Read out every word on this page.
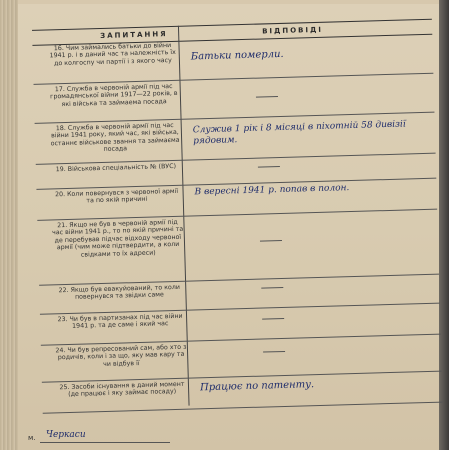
ЗАПИТАННЯ	ВІДПОВІДІ
16. Чим займались батьки до війни 1941 р. і в даний час та належність їх до колгоспу чи партії і з якого часу	Батьки померли.
17. Служба в червоній армії під час громадянської війни 1917—22 років, в які війська та займаема посада
18. Служба в червоній армії під час війни 1941 року, який час, які війська, останнє військове звання та займаєма посада
Служив 1 рік і 8 місяці в піхотній 58 дивізії рядовим.
19. Військова спеціальність № (ВУС)
20. Коли повернувся з червоної армії та по якій причині
В вересні 1941 р. попав в полон.
21. Якщо не був в червоній армії під час війни 1941 р., то по якій причині та де перебував підчас відходу червоної армії (чим може підтвердити, а коли свідками то їх адреси)
22. Якщо був евакуйований, то коли повернувся та звідки саме
23. Чи був в партизанах під час війни 1941 р. та де саме і який час
24. Чи був репресований сам, або хто з родичів, коли і за що, яку мав кару та чи відбув її
25. Засоби існування в даний момент (де працює і яку займає посаду)
Працює по патенту.
м. Черкаси
